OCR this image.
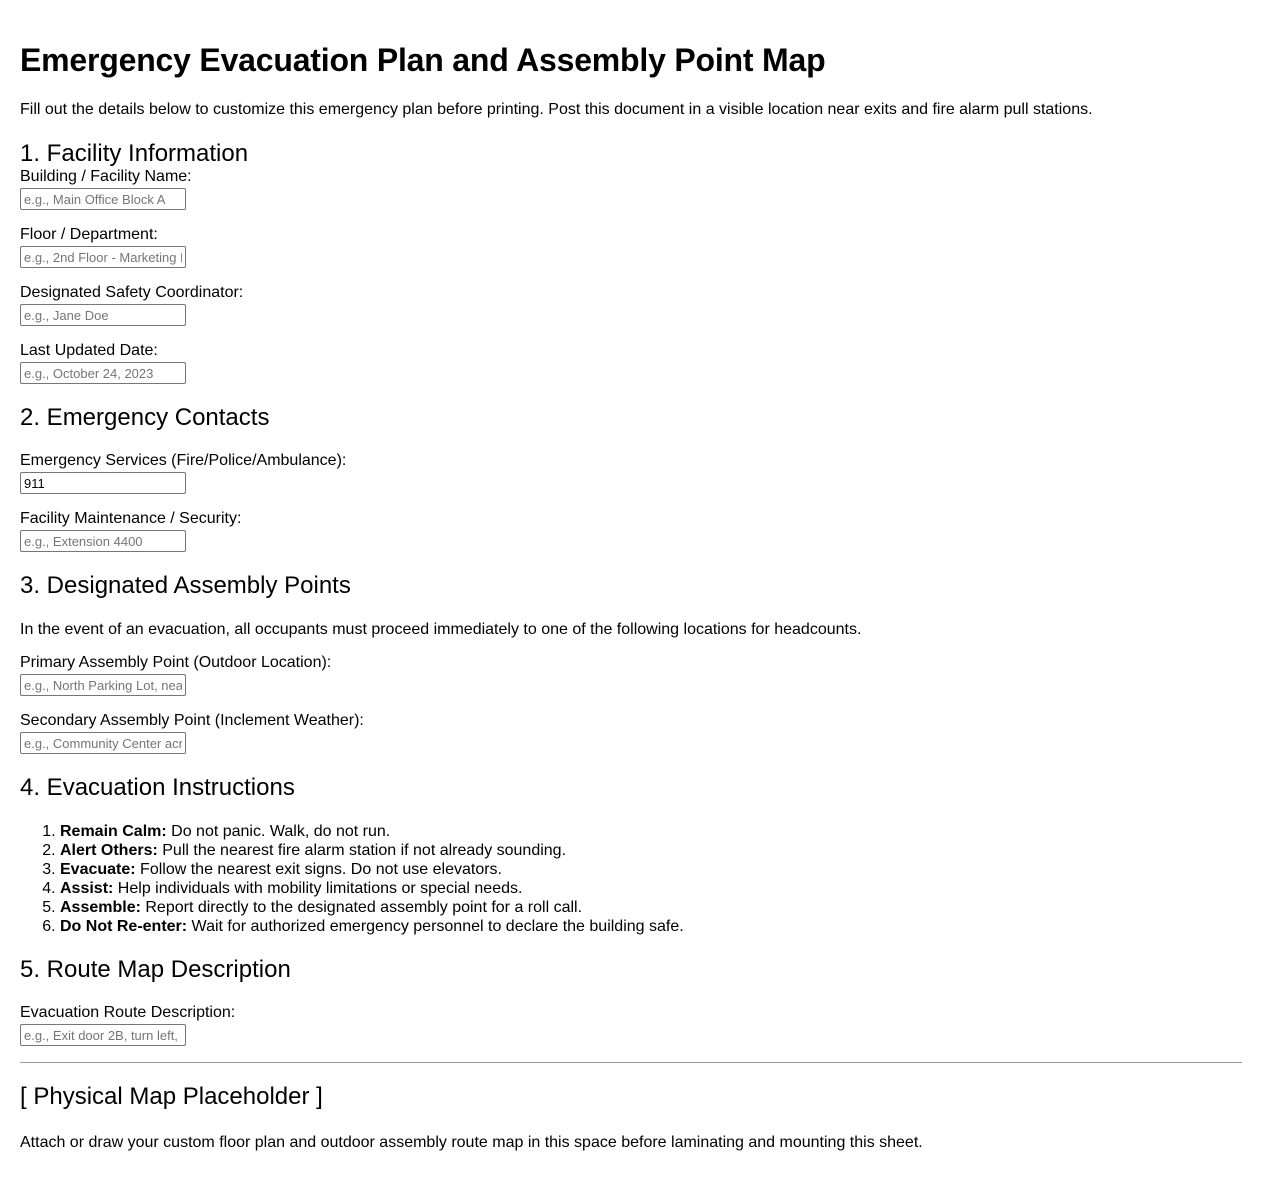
Emergency Evacuation Plan and Assembly Point Map

Fill out the details below to customize this emergency plan before printing. Post this document in a visible location near exits and fire alarm pull stations.

1. Facility Information
Building / Facility Name:
e.g., Main Office Block A
Floor / Department:
e.g., 2nd Floor - Marketing Dept
Designated Safety Coordinator:
e.g., Jane Doe
Last Updated Date:
e.g., October 24, 2023
2. Emergency Contacts
Emergency Services (Fire/Police/Ambulance):
911
Facility Maintenance / Security:
e.g., Extension 4400
3. Designated Assembly Points

In the event of an evacuation, all occupants must proceed immediately to one of the following locations for headcounts.

Primary Assembly Point (Outdoor Location):
e.g., North Parking Lot, near
Secondary Assembly Point (Inclement Weather):
e.g., Community Center across
4. Evacuation Instructions
1. Remain Calm: Do not panic. Walk, do not run.
2. Alert Others: Pull the nearest fire alarm station if not already sounding.
3. Evacuate: Follow the nearest exit signs. Do not use elevators.
4. Assist: Help individuals with mobility limitations or special needs.
5. Assemble: Report directly to the designated assembly point for a roll call.
6. Do Not Re-enter: Wait for authorized emergency personnel to declare the building safe.
5. Route Map Description
Evacuation Route Description:
e.g., Exit door 2B, turn left, proceed
[ Physical Map Placeholder ]

Attach or draw your custom floor plan and outdoor assembly route map in this space before laminating and mounting this sheet.
